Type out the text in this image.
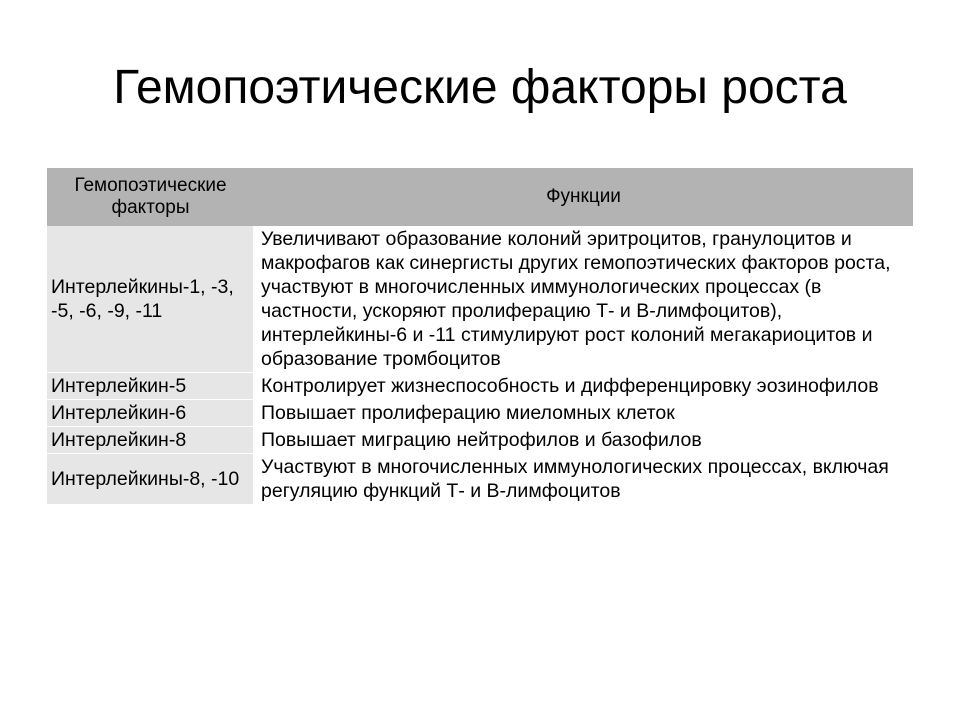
Гемопоэтические факторы роста
Гемопоэтические факторы	Функции
Интерлейкины-1, -3, -5, -6, -9, -11	Увеличивают образование колоний эритроцитов, гранулоцитов и макрофагов как синергисты других гемопоэтических факторов роста, участвуют в многочисленных иммунологических процессах (в частности, ускоряют пролиферацию Т- и В-лимфоцитов), интерлейкины-6 и -11 стимулируют рост колоний мегакариоцитов и образование тромбоцитов
Интерлейкин-5	Контролирует жизнеспособность и дифференцировку эозинофилов
Интерлейкин-6	Повышает пролиферацию миеломных клеток
Интерлейкин-8	Повышает миграцию нейтрофилов и базофилов
Интерлейкины-8, -10	Участвуют в многочисленных иммунологических процессах, включая регуляцию функций Т- и В-лимфоцитов
